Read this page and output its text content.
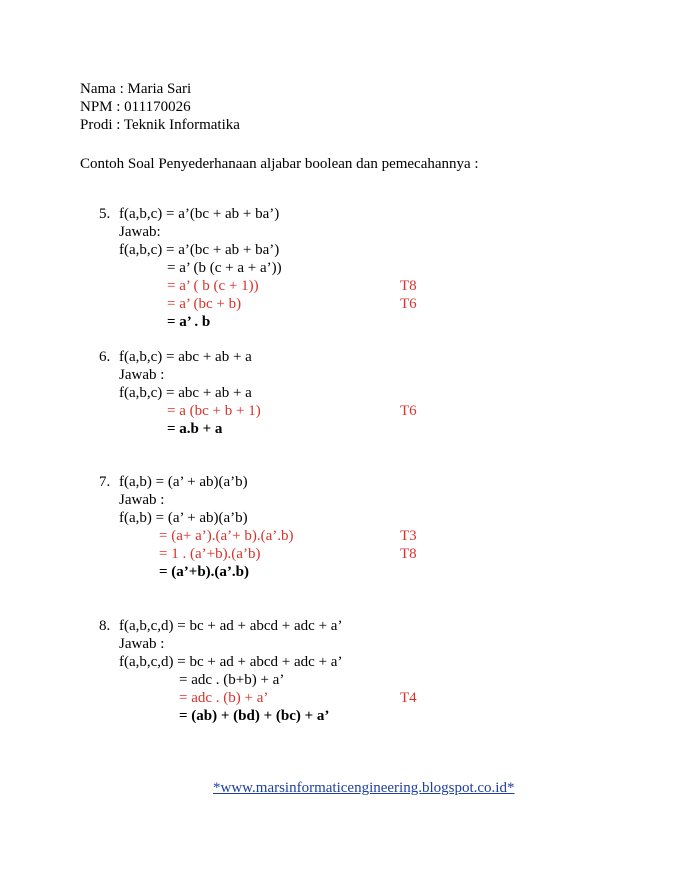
Nama : Maria Sari
NPM : 011170026
Prodi : Teknik Informatika
Contoh Soal Penyederhanaan aljabar boolean dan pemecahannya :
5. f(a,b,c) = a’(bc + ab + ba’)
Jawab:
f(a,b,c) = a’(bc + ab + ba’)
= a’ (b (c + a + a’))
= a’ ( b (c + 1))	T8
= a’ (bc + b)	T6
= a’ . b
6. f(a,b,c) = abc + ab + a
Jawab :
f(a,b,c) = abc + ab + a
= a (bc + b + 1)	T6
= a.b + a
7. f(a,b) = (a’ + ab)(a’b)
Jawab :
f(a,b) = (a’ + ab)(a’b)
= (a+ a’).(a’+ b).(a’.b)	T3
= 1 . (a’+b).(a’b)	T8
= (a’+b).(a’.b)
8. f(a,b,c,d) = bc + ad + abcd + adc + a’
Jawab :
f(a,b,c,d) = bc + ad + abcd + adc + a’
= adc . (b+b) + a’
= adc . (b) + a’	T4
= (ab) + (bd) + (bc) + a’
*www.marsinformaticengineering.blogspot.co.id*
